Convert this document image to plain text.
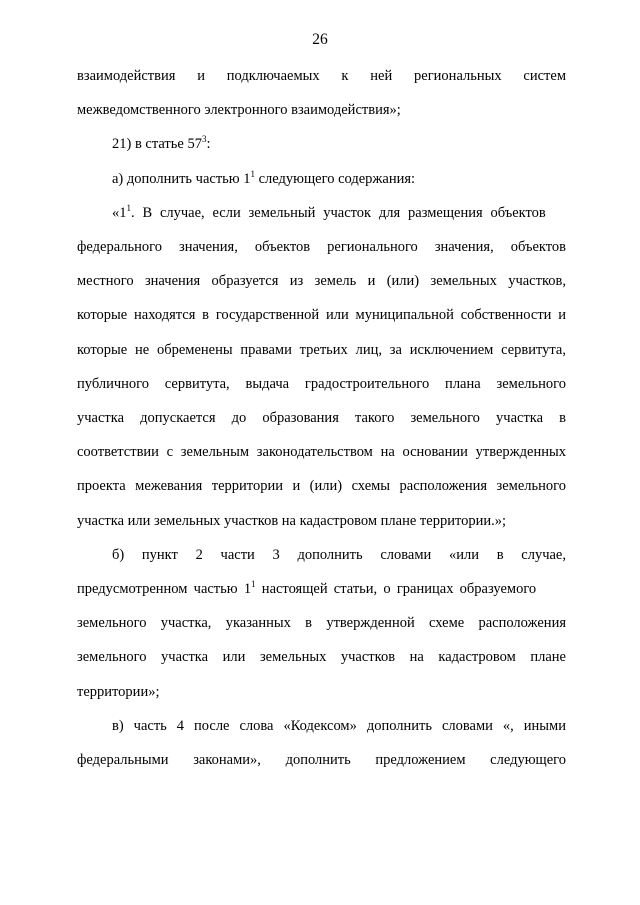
26
взаимодействия и подключаемых к ней региональных систем
межведомственного электронного взаимодействия»;
21) в статье $57^3$:
а) дополнить частью $1^1$ следующего содержания:
«$1^1$. В случае, если земельный участок для размещения объектов
федерального значения, объектов регионального значения, объектов
местного значения образуется из земель и (или) земельных участков,
которые находятся в государственной или муниципальной собственности и
которые не обременены правами третьих лиц, за исключением сервитута,
публичного сервитута, выдача градостроительного плана земельного
участка допускается до образования такого земельного участка в
соответствии с земельным законодательством на основании утвержденных
проекта межевания территории и (или) схемы расположения земельного
участка или земельных участков на кадастровом плане территории.»;
б) пункт 2 части 3 дополнить словами «или в случае,
предусмотренном частью $1^1$ настоящей статьи, о границах образуемого
земельного участка, указанных в утвержденной схеме расположения
земельного участка или земельных участков на кадастровом плане
территории»;
в) часть 4 после слова «Кодексом» дополнить словами «, иными
федеральными законами», дополнить предложением следующего
